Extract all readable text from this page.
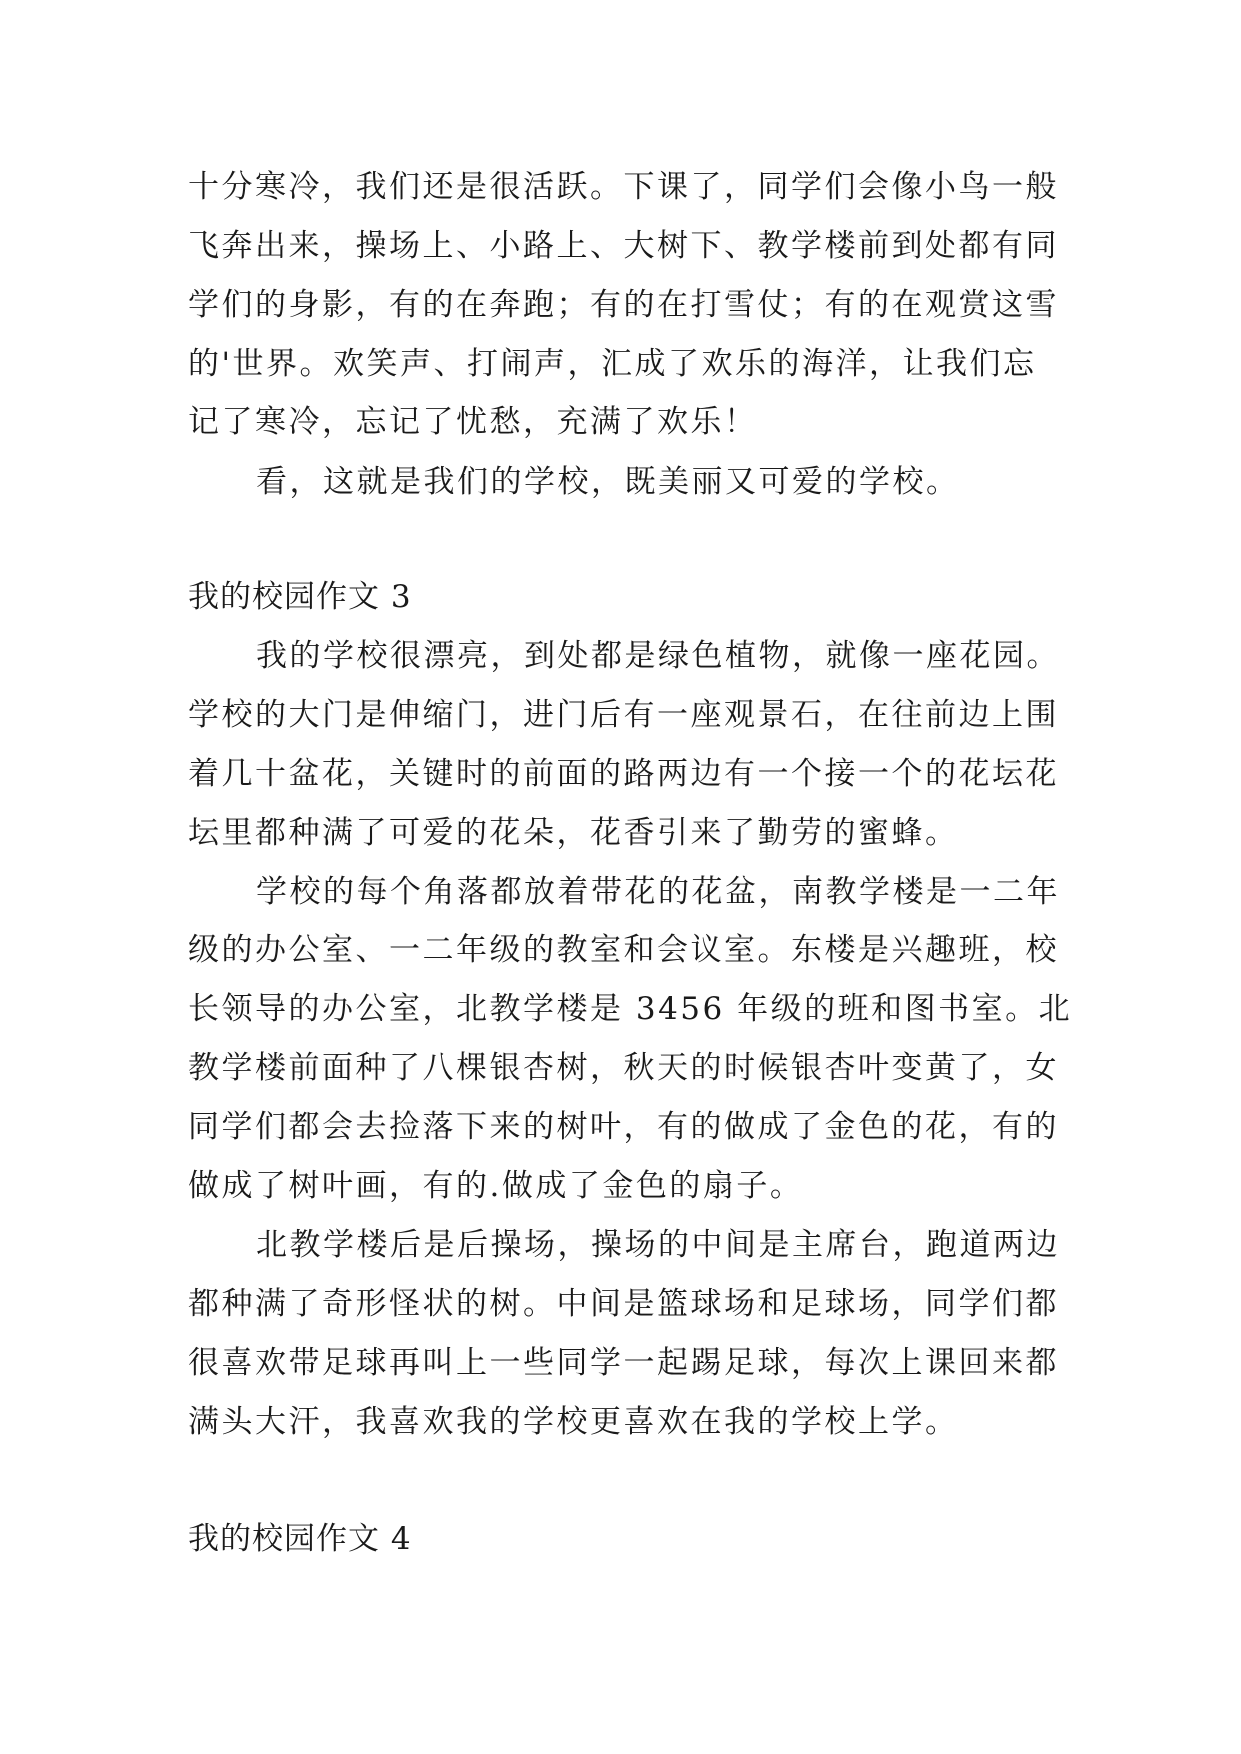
十分寒冷，我们还是很活跃。下课了，同学们会像小鸟一般
飞奔出来，操场上、小路上、大树下、教学楼前到处都有同
学们的身影，有的在奔跑；有的在打雪仗；有的在观赏这雪
的'世界。欢笑声、打闹声，汇成了欢乐的海洋，让我们忘
记了寒冷，忘记了忧愁，充满了欢乐！
看，这就是我们的学校，既美丽又可爱的学校。
我的校园作文 3
我的学校很漂亮，到处都是绿色植物，就像一座花园。
学校的大门是伸缩门，进门后有一座观景石，在往前边上围
着几十盆花，关键时的前面的路两边有一个接一个的花坛花
坛里都种满了可爱的花朵，花香引来了勤劳的蜜蜂。
学校的每个角落都放着带花的花盆，南教学楼是一二年
级的办公室、一二年级的教室和会议室。东楼是兴趣班，校
长领导的办公室，北教学楼是 3456 年级的班和图书室。北
教学楼前面种了八棵银杏树，秋天的时候银杏叶变黄了，女
同学们都会去捡落下来的树叶，有的做成了金色的花，有的
做成了树叶画，有的.做成了金色的扇子。
北教学楼后是后操场，操场的中间是主席台，跑道两边
都种满了奇形怪状的树。中间是篮球场和足球场，同学们都
很喜欢带足球再叫上一些同学一起踢足球，每次上课回来都
满头大汗，我喜欢我的学校更喜欢在我的学校上学。
我的校园作文 4
